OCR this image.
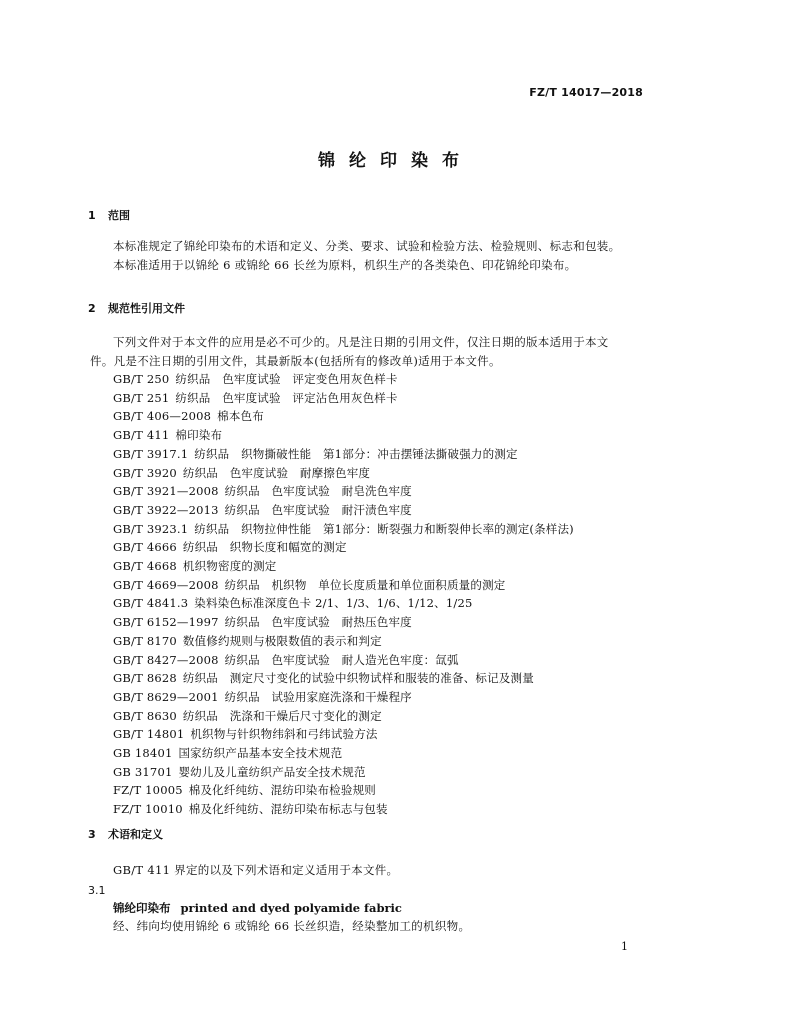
FZ/T 14017—2018
锦纶印染布
1 范围

本标准规定了锦纶印染布的术语和定义、分类、要求、试验和检验方法、检验规则、标志和包装。

本标准适用于以锦纶 6 或锦纶 66 长丝为原料，机织生产的各类染色、印花锦纶印染布。

2 规范性引用文件

下列文件对于本文件的应用是必不可少的。凡是注日期的引用文件，仅注日期的版本适用于本文件。凡是不注日期的引用文件，其最新版本(包括所有的修改单)适用于本文件。

GB/T 250 纺织品　色牢度试验　评定变色用灰色样卡
GB/T 251 纺织品　色牢度试验　评定沾色用灰色样卡
GB/T 406—2008 棉本色布
GB/T 411 棉印染布
GB/T 3917.1 纺织品　织物撕破性能　第1部分：冲击摆锤法撕破强力的测定
GB/T 3920 纺织品　色牢度试验　耐摩擦色牢度
GB/T 3921—2008 纺织品　色牢度试验　耐皂洗色牢度
GB/T 3922—2013 纺织品　色牢度试验　耐汗渍色牢度
GB/T 3923.1 纺织品　织物拉伸性能　第1部分：断裂强力和断裂伸长率的测定(条样法)
GB/T 4666 纺织品　织物长度和幅宽的测定
GB/T 4668 机织物密度的测定
GB/T 4669—2008 纺织品　机织物　单位长度质量和单位面积质量的测定
GB/T 4841.3 染料染色标准深度色卡 2/1、1/3、1/6、1/12、1/25
GB/T 6152—1997 纺织品　色牢度试验　耐热压色牢度
GB/T 8170 数值修约规则与极限数值的表示和判定
GB/T 8427—2008 纺织品　色牢度试验　耐人造光色牢度：氙弧
GB/T 8628 纺织品　测定尺寸变化的试验中织物试样和服装的准备、标记及测量
GB/T 8629—2001 纺织品　试验用家庭洗涤和干燥程序
GB/T 8630 纺织品　洗涤和干燥后尺寸变化的测定
GB/T 14801 机织物与针织物纬斜和弓纬试验方法
GB 18401 国家纺织产品基本安全技术规范
GB 31701 婴幼儿及儿童纺织产品安全技术规范
FZ/T 10005 棉及化纤纯纺、混纺印染布检验规则
FZ/T 10010 棉及化纤纯纺、混纺印染布标志与包装
3 术语和定义

GB/T 411 界定的以及下列术语和定义适用于本文件。

3.1
锦纶印染布 printed and dyed polyamide fabric
经、纬向均使用锦纶 6 或锦纶 66 长丝织造，经染整加工的机织物。
1
